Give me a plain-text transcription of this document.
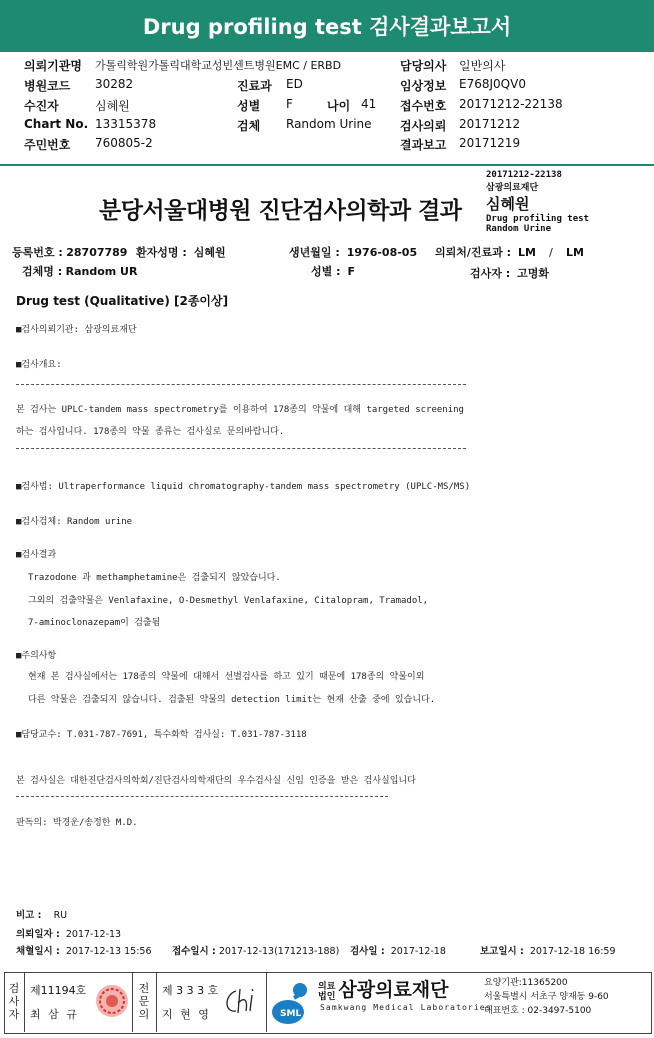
Drug profiling test 검사결과보고서
의뢰기관명 가톨릭학원가톨릭대학교성빈센트병원EMC / ERBD
병원코드 30282
수진자	심혜원
Chart No. 13315378
주민번호 760805-2
진료과 ED
성별 F	나이 41
검체 Random Urine
담당의사 일반의사
임상정보 E768J0QV0
접수번호 20171212-22138
검사의뢰 20171212
결과보고 20171219
분당서울대병원 진단검사의학과 결과
20171212-22138
삼광의료재단
심혜원
Drug profiling test
Random Urine
등록번호 : 28707789 환자성명 : 심혜원	생년월일 : 1976-08-05 의뢰처/진료과 : LM / LM
검체명 : Random UR	성별 : F	검사자 : 고명화
Drug test (Qualitative) [2종이상]
■검사의뢰기관: 삼광의료재단
■검사개요:
본 검사는 UPLC-tandem mass spectrometry를 이용하여 178종의 약물에 대해 targeted screening
하는 검사입니다. 178종의 약물 종류는 검사실로 문의바랍니다.
■검사법: Ultraperformance liquid chromatography-tandem mass spectrometry (UPLC-MS/MS)
■검사검체: Random urine
■검사결과
Trazodone 과 methamphetamine은 검출되지 않았습니다.
그외의 검출약물은 Venlafaxine, O-Desmethyl Venlafaxine, Citalopram, Tramadol,
7-aminoclonazepam이 검출됨
■주의사항
현재 본 검사실에서는 178종의 약물에 대해서 선별검사를 하고 있기 때문에 178종의 약물이외
다른 약물은 검출되지 않습니다. 검출된 약물의 detection limit는 현재 산출 중에 있습니다.
■담당교수: T.031-787-7691, 특수화학 검사실: T.031-787-3118
본 검사실은 대한진단검사의학회/진단검사의학재단의 우수검사실 신임 인증을 받은 검사실입니다
판독의: 박경운/송정한 M.D.
비고 : RU
의뢰일자 : 2017-12-13
채혈일시 : 2017-12-13 15:56 접수일시 : 2017-12-13(171213-188) 검사일 : 2017-12-18	보고일시 : 2017-12-18 16:59
검
사
자
제11194호
최 삼 규
전
문
의
제 3 3 3 호
지 현 영	SML
의료
법인 삼광의료재단
Samkwang Medical Laboratories
요양기관:11365200
서울특별시 서초구 양재동 9-60
대표번호 : 02-3497-5100
